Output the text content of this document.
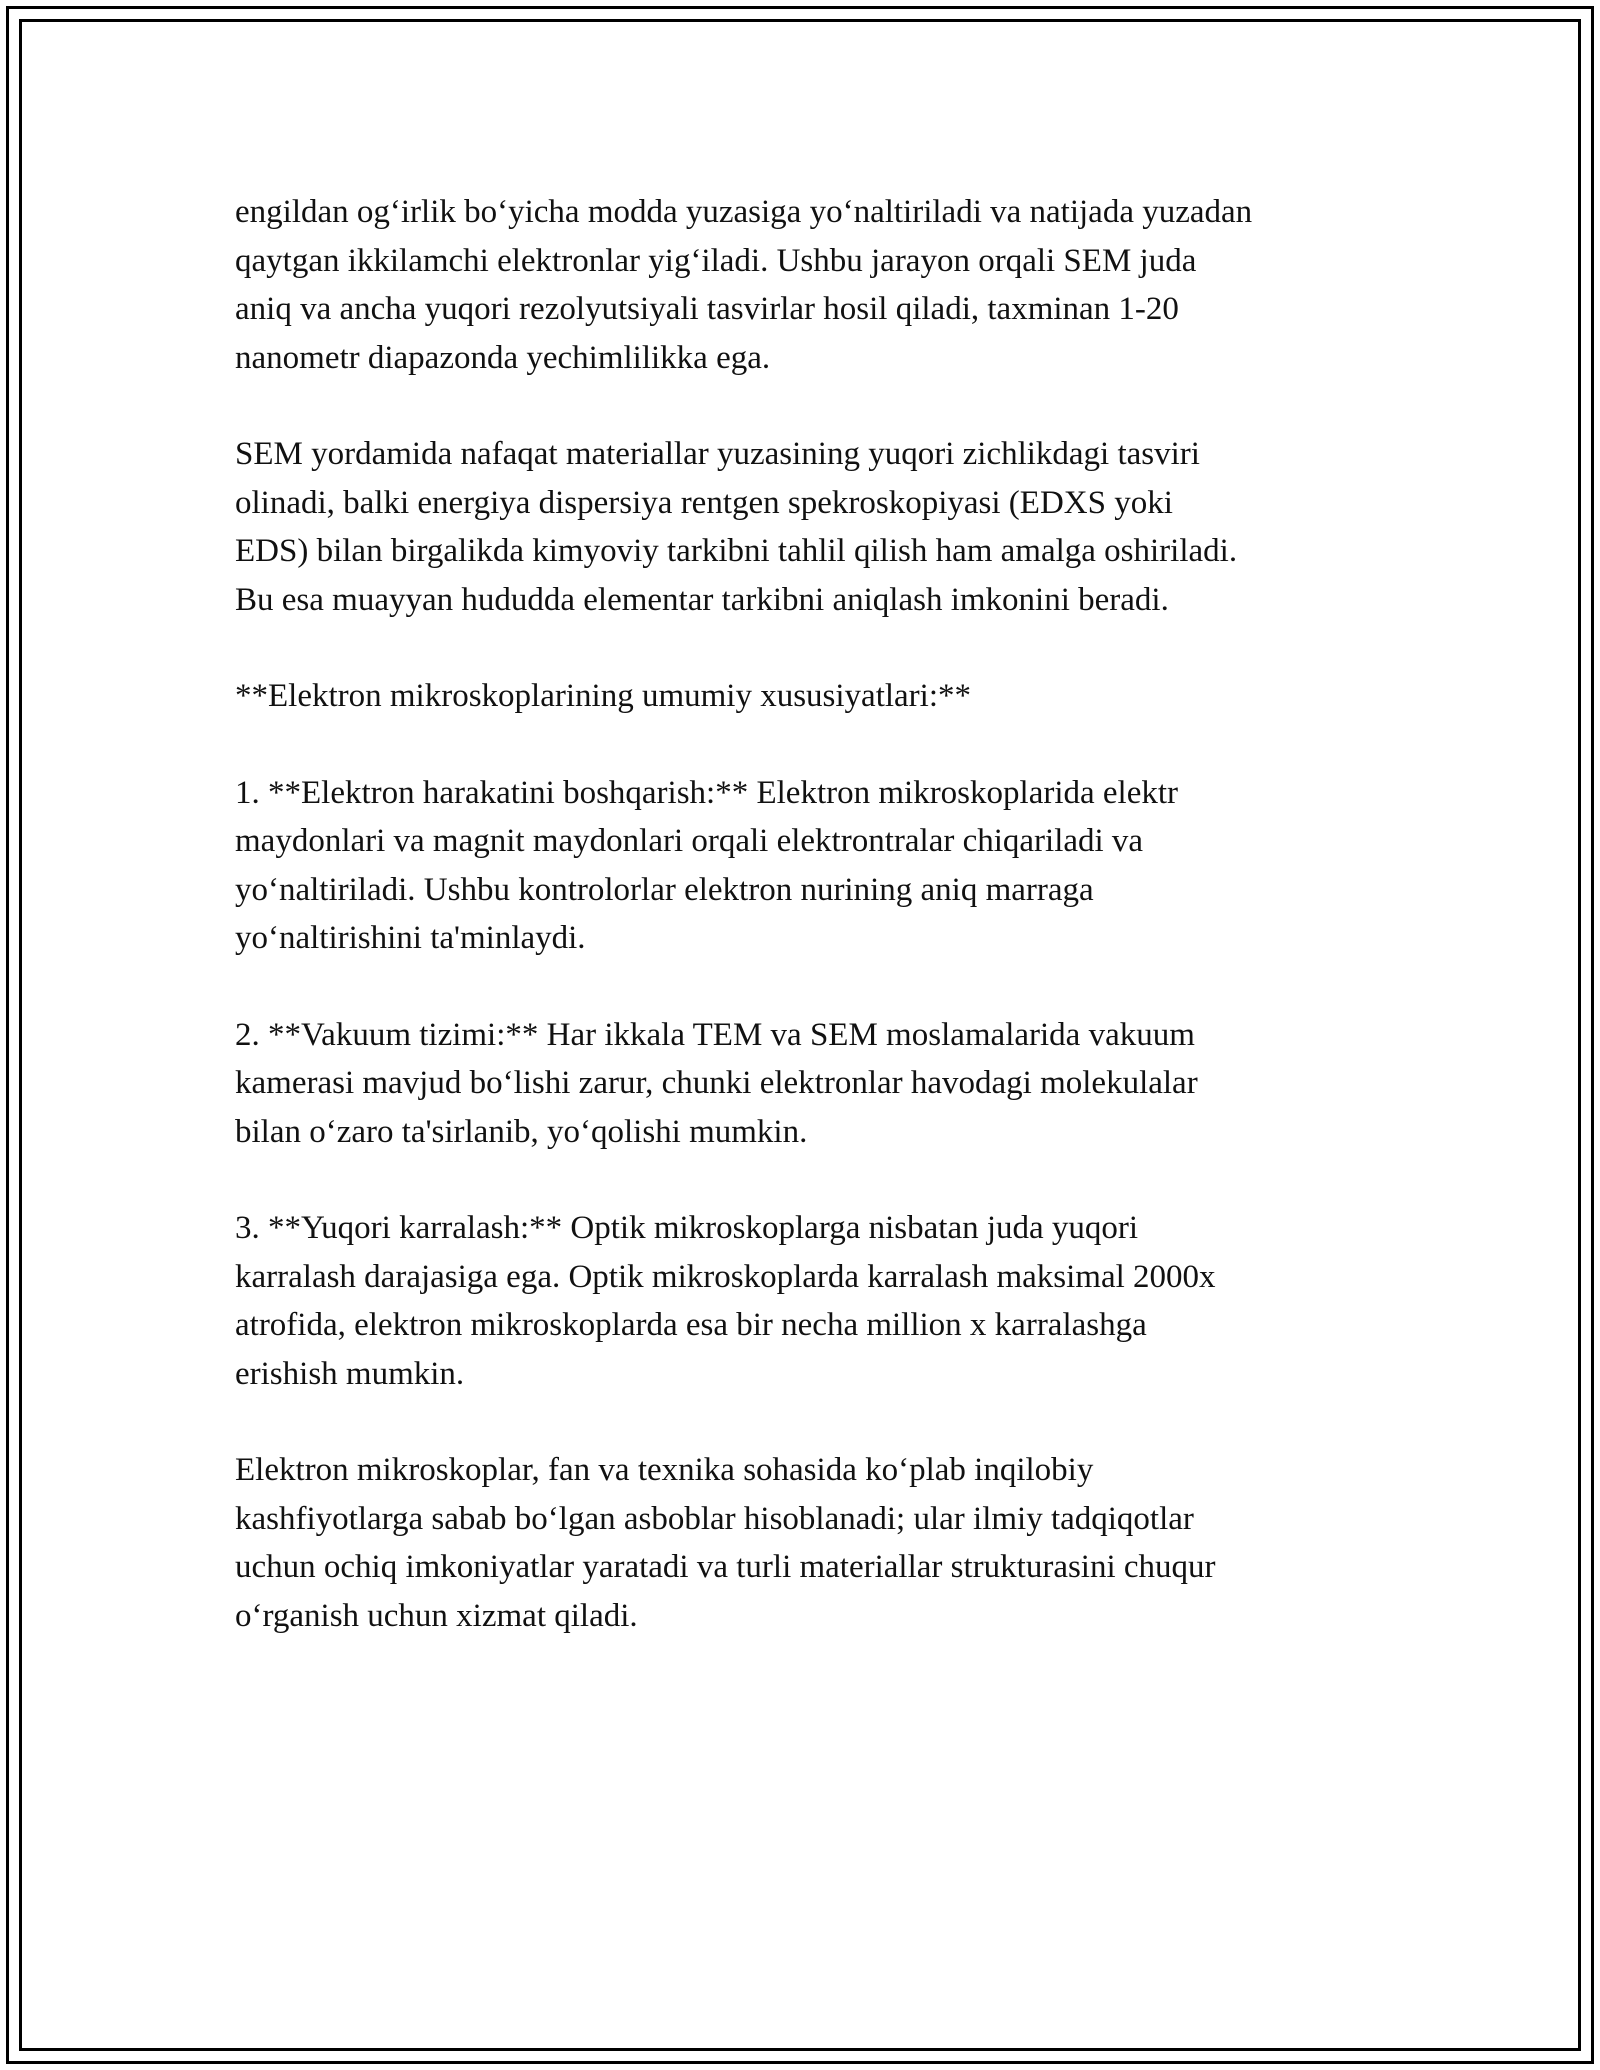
engildan og‘irlik bo‘yicha modda yuzasiga yo‘naltiriladi va natijada yuzadan
qaytgan ikkilamchi elektronlar yig‘iladi. Ushbu jarayon orqali SEM juda
aniq va ancha yuqori rezolyutsiyali tasvirlar hosil qiladi, taxminan 1-20
nanometr diapazonda yechimlilikka ega.

SEM yordamida nafaqat materiallar yuzasining yuqori zichlikdagi tasviri
olinadi, balki energiya dispersiya rentgen spekroskopiyasi (EDXS yoki
EDS) bilan birgalikda kimyoviy tarkibni tahlil qilish ham amalga oshiriladi.
Bu esa muayyan hududda elementar tarkibni aniqlash imkonini beradi.

**Elektron mikroskoplarining umumiy xususiyatlari:**

1. **Elektron harakatini boshqarish:** Elektron mikroskoplarida elektr
maydonlari va magnit maydonlari orqali elektrontralar chiqariladi va
yo‘naltiriladi. Ushbu kontrolorlar elektron nurining aniq marraga
yo‘naltirishini ta'minlaydi.

2. **Vakuum tizimi:** Har ikkala TEM va SEM moslamalarida vakuum
kamerasi mavjud bo‘lishi zarur, chunki elektronlar havodagi molekulalar
bilan o‘zaro ta'sirlanib, yo‘qolishi mumkin.

3. **Yuqori karralash:** Optik mikroskoplarga nisbatan juda yuqori
karralash darajasiga ega. Optik mikroskoplarda karralash maksimal 2000x
atrofida, elektron mikroskoplarda esa bir necha million x karralashga
erishish mumkin.

Elektron mikroskoplar, fan va texnika sohasida ko‘plab inqilobiy
kashfiyotlarga sabab bo‘lgan asboblar hisoblanadi; ular ilmiy tadqiqotlar
uchun ochiq imkoniyatlar yaratadi va turli materiallar strukturasini chuqur
o‘rganish uchun xizmat qiladi.
